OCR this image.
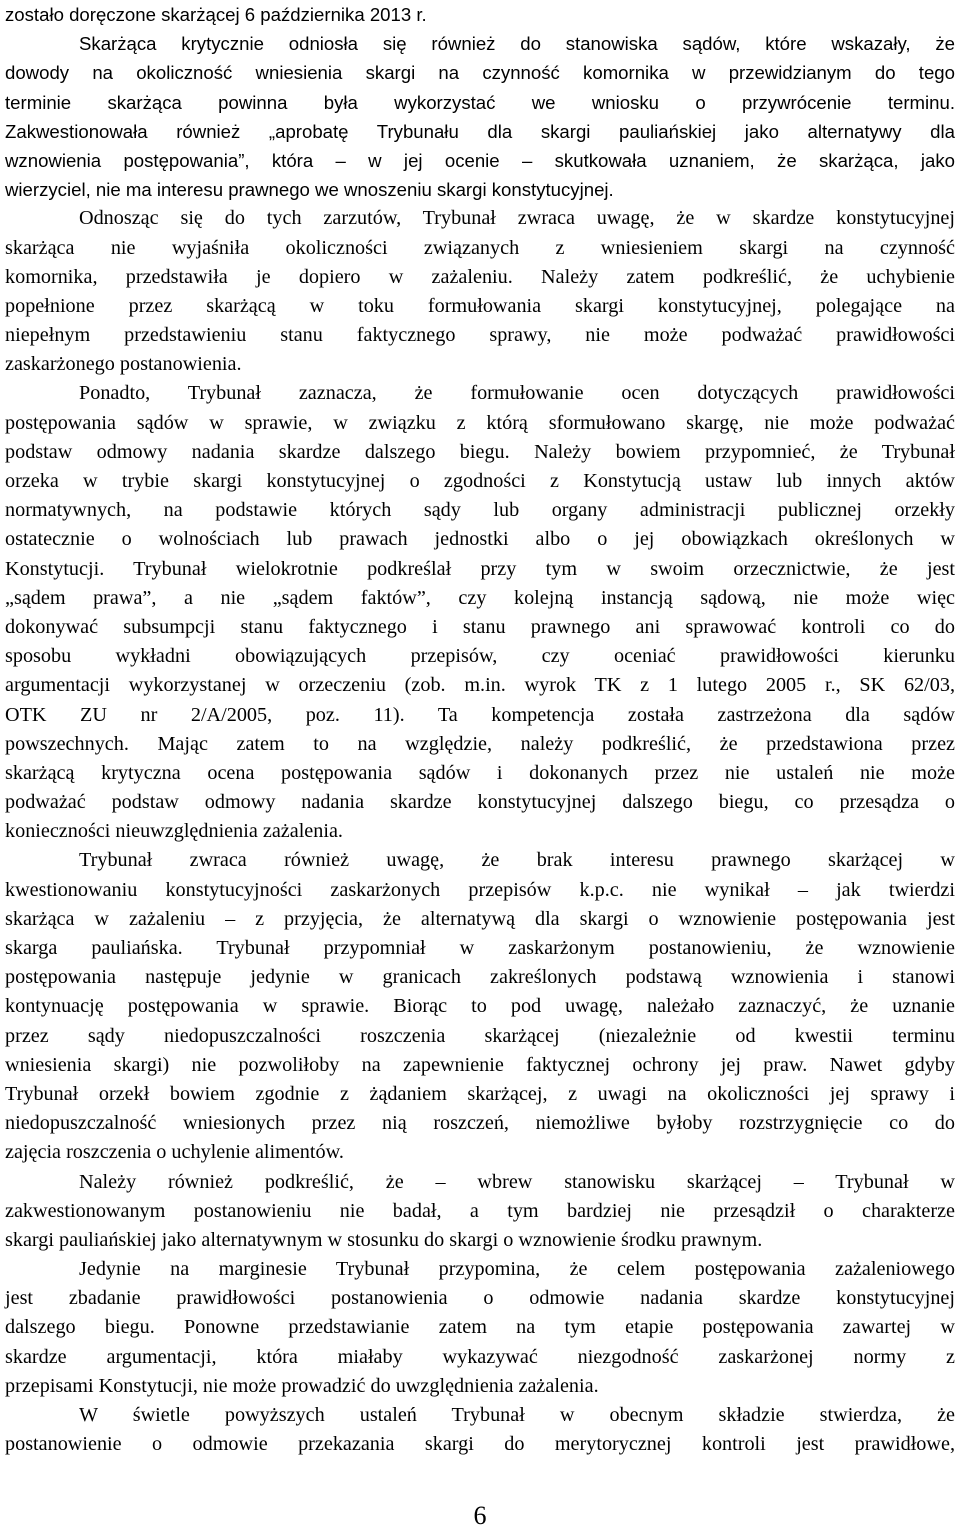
zostało doręczone skarżącej 6 października 2013 r.
Skarżąca krytycznie odniosła się również do stanowiska sądów, które wskazały, że
dowody na okoliczność wniesienia skargi na czynność komornika w przewidzianym do tego
terminie skarżąca powinna była wykorzystać we wniosku o przywrócenie terminu.
Zakwestionowała również „aprobatę Trybunału dla skargi pauliańskiej jako alternatywy dla
wznowienia postępowania”, która – w jej ocenie – skutkowała uznaniem, że skarżąca, jako
wierzyciel, nie ma interesu prawnego we wnoszeniu skargi konstytucyjnej.
Odnosząc się do tych zarzutów, Trybunał zwraca uwagę, że w skardze konstytucyjnej
skarżąca nie wyjaśniła okoliczności związanych z wniesieniem skargi na czynność
komornika, przedstawiła je dopiero w zażaleniu. Należy zatem podkreślić, że uchybienie
popełnione przez skarżącą w toku formułowania skargi konstytucyjnej, polegające na
niepełnym przedstawieniu stanu faktycznego sprawy, nie może podważać prawidłowości
zaskarżonego postanowienia.
Ponadto, Trybunał zaznacza, że formułowanie ocen dotyczących prawidłowości
postępowania sądów w sprawie, w związku z którą sformułowano skargę, nie może podważać
podstaw odmowy nadania skardze dalszego biegu. Należy bowiem przypomnieć, że Trybunał
orzeka w trybie skargi konstytucyjnej o zgodności z Konstytucją ustaw lub innych aktów
normatywnych, na podstawie których sądy lub organy administracji publicznej orzekły
ostatecznie o wolnościach lub prawach jednostki albo o jej obowiązkach określonych w
Konstytucji. Trybunał wielokrotnie podkreślał przy tym w swoim orzecznictwie, że jest
„sądem prawa”, a nie „sądem faktów”, czy kolejną instancją sądową, nie może więc
dokonywać subsumpcji stanu faktycznego i stanu prawnego ani sprawować kontroli co do
sposobu wykładni obowiązujących przepisów, czy oceniać prawidłowości kierunku
argumentacji wykorzystanej w orzeczeniu (zob. m.in. wyrok TK z 1 lutego 2005 r., SK 62/03,
OTK ZU nr 2/A/2005, poz. 11). Ta kompetencja została zastrzeżona dla sądów
powszechnych. Mając zatem to na względzie, należy podkreślić, że przedstawiona przez
skarżącą krytyczna ocena postępowania sądów i dokonanych przez nie ustaleń nie może
podważać podstaw odmowy nadania skardze konstytucyjnej dalszego biegu, co przesądza o
konieczności nieuwzględnienia zażalenia.
Trybunał zwraca również uwagę, że brak interesu prawnego skarżącej w
kwestionowaniu konstytucyjności zaskarżonych przepisów k.p.c. nie wynikał – jak twierdzi
skarżąca w zażaleniu – z przyjęcia, że alternatywą dla skargi o wznowienie postępowania jest
skarga pauliańska. Trybunał przypomniał w zaskarżonym postanowieniu, że wznowienie
postępowania następuje jedynie w granicach zakreślonych podstawą wznowienia i stanowi
kontynuację postępowania w sprawie. Biorąc to pod uwagę, należało zaznaczyć, że uznanie
przez sądy niedopuszczalności roszczenia skarżącej (niezależnie od kwestii terminu
wniesienia skargi) nie pozwoliłoby na zapewnienie faktycznej ochrony jej praw. Nawet gdyby
Trybunał orzekł bowiem zgodnie z żądaniem skarżącej, z uwagi na okoliczności jej sprawy i
niedopuszczalność wniesionych przez nią roszczeń, niemożliwe byłoby rozstrzygnięcie co do
zajęcia roszczenia o uchylenie alimentów.
Należy również podkreślić, że – wbrew stanowisku skarżącej – Trybunał w
zakwestionowanym postanowieniu nie badał, a tym bardziej nie przesądził o charakterze
skargi pauliańskiej jako alternatywnym w stosunku do skargi o wznowienie środku prawnym.
Jedynie na marginesie Trybunał przypomina, że celem postępowania zażaleniowego
jest zbadanie prawidłowości postanowienia o odmowie nadania skardze konstytucyjnej
dalszego biegu. Ponowne przedstawianie zatem na tym etapie postępowania zawartej w
skardze argumentacji, która miałaby wykazywać niezgodność zaskarżonej normy z
przepisami Konstytucji, nie może prowadzić do uwzględnienia zażalenia.
W świetle powyższych ustaleń Trybunał w obecnym składzie stwierdza, że
postanowienie o odmowie przekazania skargi do merytorycznej kontroli jest prawidłowe,
6
